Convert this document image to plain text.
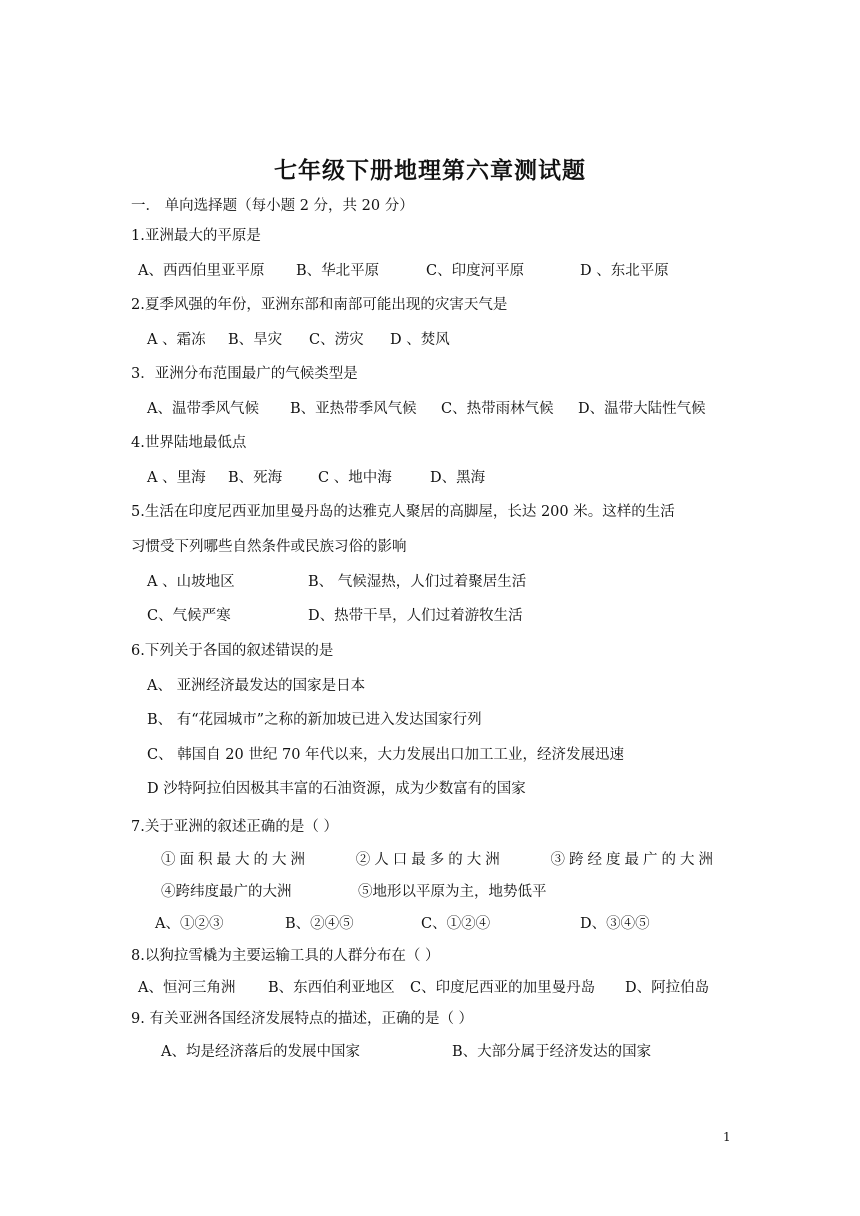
七年级下册地理第六章测试题
一． 单向选择题（每小题 2 分，共 20 分）
1.亚洲最大的平原是
A、西西伯里亚平原 B、华北平原	C、印度河平原	D 、东北平原
2.夏季风强的年份，亚洲东部和南部可能出现的灾害天气是
A 、霜冻 B、旱灾 C、涝灾 D 、焚风
3．亚洲分布范围最广的气候类型是
A、温带季风气候 B、亚热带季风气候 C、热带雨林气候 D、温带大陆性气候
4.世界陆地最低点
A 、里海 B、死海 C 、地中海	D、黑海
5.生活在印度尼西亚加里曼丹岛的达雅克人聚居的高脚屋，长达 200 米。这样的生活
习惯受下列哪些自然条件或民族习俗的影响
A 、山坡地区	B、 气候湿热，人们过着聚居生活
C、气候严寒	D、热带干旱，人们过着游牧生活
6.下列关于各国的叙述错误的是
A、 亚洲经济最发达的国家是日本
B、 有“花园城市”之称的新加坡已进入发达国家行列
C、 韩国自 20 世纪 70 年代以来，大力发展出口加工工业，经济发展迅速
D 沙特阿拉伯因极其丰富的石油资源，成为少数富有的国家
7.关于亚洲的叙述正确的是（ ）
①面积最大的大洲	②人口最多的大洲	③跨经度最广的大洲
④跨纬度最广的大洲	⑤地形以平原为主，地势低平
A、①②③	B、②④⑤	C、①②④	D、③④⑤
8.以狗拉雪橇为主要运输工具的人群分布在（ ）
A、恒河三角洲 B、东西伯利亚地区 C、印度尼西亚的加里曼丹岛 D、阿拉伯岛
9. 有关亚洲各国经济发展特点的描述，正确的是（ ）
A、均是经济落后的发展中国家	B、大部分属于经济发达的国家
1
